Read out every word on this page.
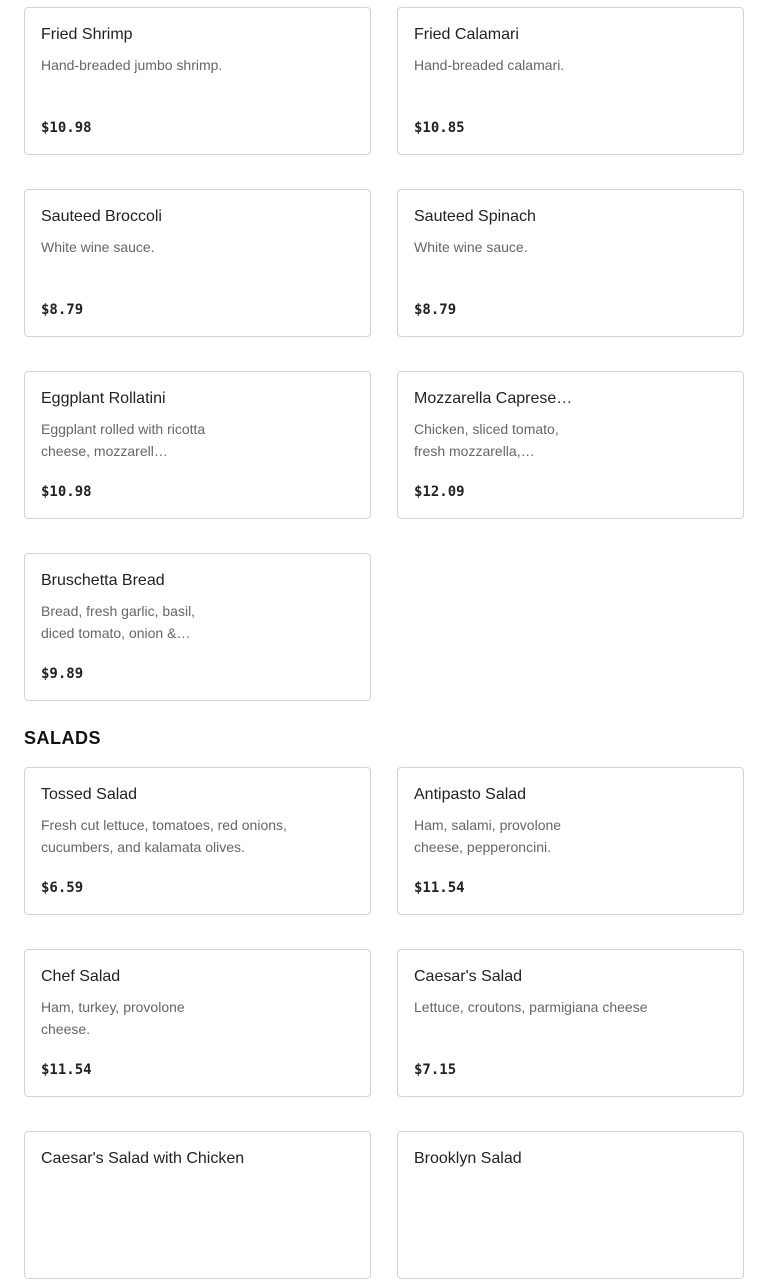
Fried Shrimp
Hand-breaded jumbo shrimp.
$10.98
Fried Calamari
Hand-breaded calamari.
$10.85
Sauteed Broccoli
White wine sauce.
$8.79
Sauteed Spinach
White wine sauce.
$8.79
Eggplant Rollatini
Eggplant rolled with ricotta cheese, mozzarell…
$10.98
Mozzarella Caprese…
Chicken, sliced tomato, fresh mozzarella,…
$12.09
Bruschetta Bread
Bread, fresh garlic, basil, diced tomato, onion &…
$9.89
SALADS
Tossed Salad
Fresh cut lettuce, tomatoes, red onions, cucumbers, and kalamata olives.
$6.59
Antipasto Salad
Ham, salami, provolone cheese, pepperoncini.
$11.54
Chef Salad
Ham, turkey, provolone cheese.
$11.54
Caesar's Salad
Lettuce, croutons, parmigiana cheese
$7.15
Caesar's Salad with Chicken	Brooklyn Salad
